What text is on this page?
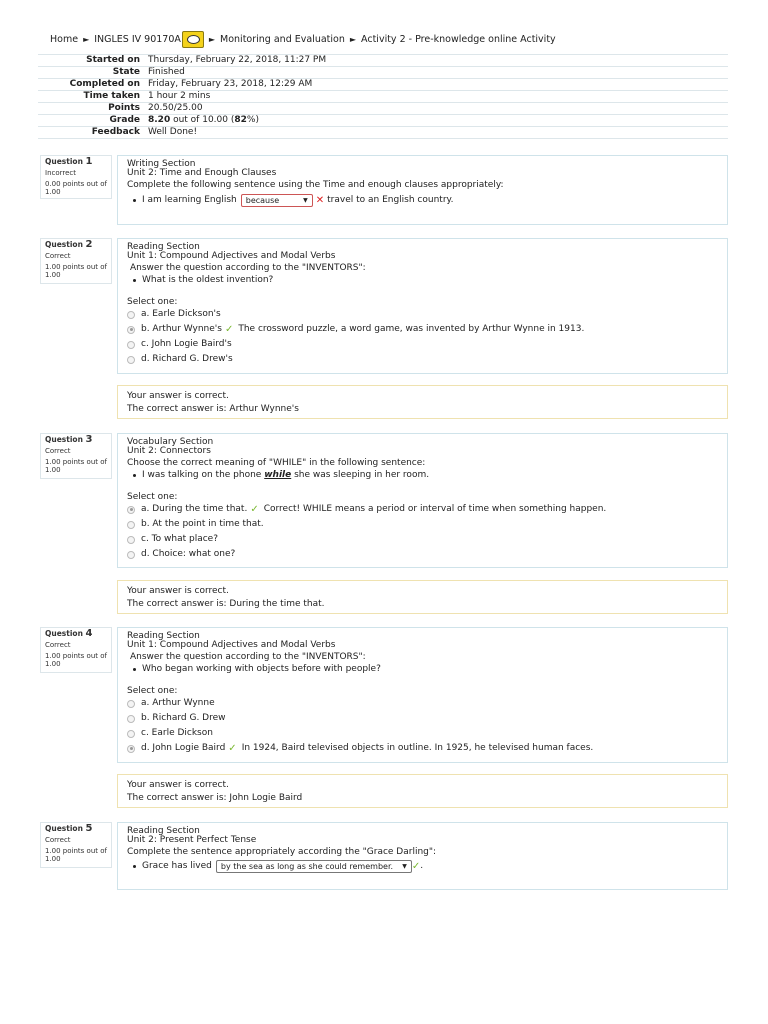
Home ► INGLES IV 90170A	► Monitoring and Evaluation ► Activity 2 - Pre-knowledge online Activity
Started on	Thursday, February 22, 2018, 11:27 PM
State	Finished
Completed on	Friday, February 23, 2018, 12:29 AM
Time taken	1 hour 2 mins
Points	20.50/25.00
Grade	8.20 out of 10.00 (82%)
Feedback	Well Done!
Question 1
Incorrect
0.00 points out of 1.00

Writing Section

Unit 2: Time and Enough Clauses

Complete the following sentence using the Time and enough clauses appropriately:

I am learning English because	▼ ✕ travel to an English country.
Question 2
Correct
1.00 points out of 1.00

Reading Section

Unit 1: Compound Adjectives and Modal Verbs

Answer the question according to the "INVENTORS":

What is the oldest invention?

Select one:

a. Earle Dickson's
b. Arthur Wynne's ✓ The crossword puzzle, a word game, was invented by Arthur Wynne in 1913.
c. John Logie Baird's
d. Richard G. Drew's
Your answer is correct.
The correct answer is: Arthur Wynne's
Question 3
Correct
1.00 points out of 1.00

Vocabulary Section

Unit 2: Connectors

Choose the correct meaning of "WHILE" in the following sentence:

I was talking on the phone
while
she was sleeping in her room.

Select one:

a. During the time that. ✓ Correct! WHILE means a period or interval of time when something happen.
b. At the point in time that.
c. To what place?
d. Choice: what one?
Your answer is correct.
The correct answer is: During the time that.
Question 4
Correct
1.00 points out of 1.00

Reading Section

Unit 1: Compound Adjectives and Modal Verbs

Answer the question according to the "INVENTORS":

Who began working with objects before with people?

Select one:

a. Arthur Wynne
b. Richard G. Drew
c. Earle Dickson
d. John Logie Baird ✓ In 1924, Baird televised objects in outline. In 1925, he televised human faces.
Your answer is correct.
The correct answer is: John Logie Baird
Question 5
Correct
1.00 points out of 1.00

Reading Section

Unit 2: Present Perfect Tense

Complete the sentence appropriately according the "Grace Darling":

Grace has lived by the sea as long as she could remember. ▼ ✓ .
